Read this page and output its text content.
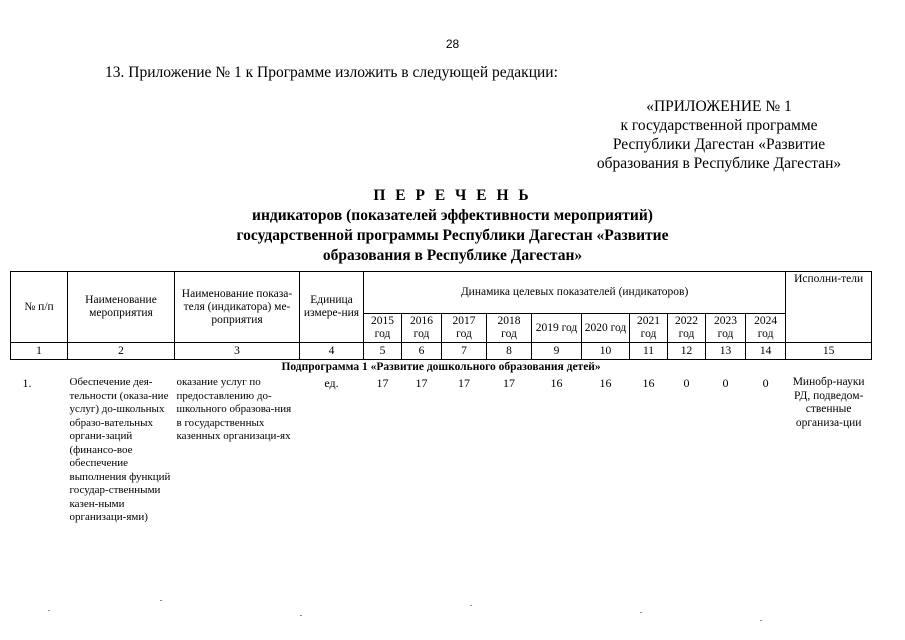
28
13. Приложение № 1 к Программе изложить в следующей редакции:
«ПРИЛОЖЕНИЕ № 1
к государственной программе
Республики Дагестан «Развитие
образования в Республике Дагестан»
П Е Р Е Ч Е Н Ь
индикаторов (показателей эффективности мероприятий)
государственной программы Республики Дагестан «Развитие
образования в Республике Дагестан»
№ п/п	Наименование мероприятия	Наименование показа-теля (индикатора) ме-роприятия	Единица измере-ния	Динамика целевых показателей (индикаторов)										Исполни-тели
				2015 год	2016 год	2017 год	2018 год	2019 год	2020 год	2021 год	2022 год	2023 год	2024 год	
1	2	3	4	5	6	7	8	9	10	11	12	13	14	15
Подпрограмма 1 «Развитие дошкольного образования детей»														
1.	Обеспечение дея-тельности (оказа-ние услуг) до-школьных образо-вательных органи-заций (финансо-вое обеспечение выполнения функций государ-ственными казен-ными организаци-ями)	оказание услуг по предоставлению до-школьного образова-ния в государственных казенных организаци-ях	ед.	17	17	17	17	16	16	16	0	0	0	Минобр-науки РД, подведом-ственные организа-ции
